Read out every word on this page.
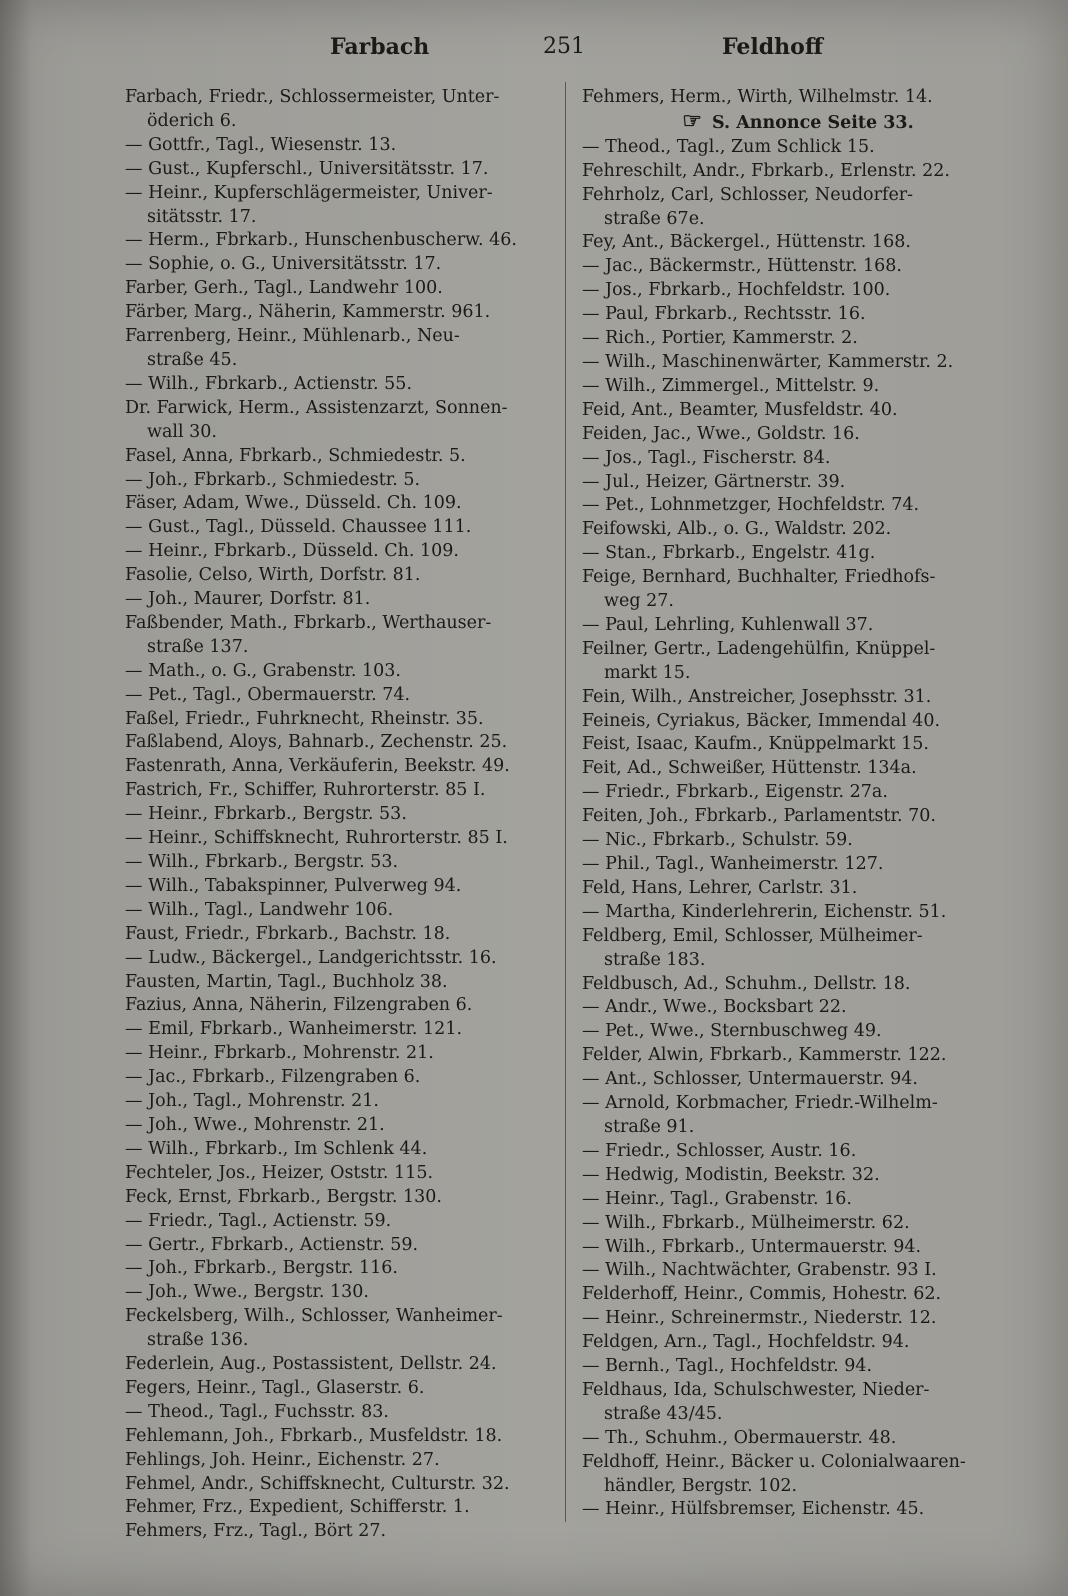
Farbach	251	Feldhoff

Farbach, Friedr., Schlossermeister, Unter-

öderich 6.

— Gottfr., Tagl., Wiesenstr. 13.

— Gust., Kupferschl., Universitätsstr. 17.

— Heinr., Kupferschlägermeister, Univer-

sitätsstr. 17.

— Herm., Fbrkarb., Hunschenbuscherw. 46.

— Sophie, o. G., Universitätsstr. 17.

Farber, Gerh., Tagl., Landwehr 100.

Färber, Marg., Näherin, Kammerstr. 961.

Farrenberg, Heinr., Mühlenarb., Neu-

straße 45.

— Wilh., Fbrkarb., Actienstr. 55.

Dr. Farwick, Herm., Assistenzarzt, Sonnen-

wall 30.

Fasel, Anna, Fbrkarb., Schmiedestr. 5.

— Joh., Fbrkarb., Schmiedestr. 5.

Fäser, Adam, Wwe., Düsseld. Ch. 109.

— Gust., Tagl., Düsseld. Chaussee 111.

— Heinr., Fbrkarb., Düsseld. Ch. 109.

Fasolie, Celso, Wirth, Dorfstr. 81.

— Joh., Maurer, Dorfstr. 81.

Faßbender, Math., Fbrkarb., Werthauser-

straße 137.

— Math., o. G., Grabenstr. 103.

— Pet., Tagl., Obermauerstr. 74.

Faßel, Friedr., Fuhrknecht, Rheinstr. 35.

Faßlabend, Aloys, Bahnarb., Zechenstr. 25.

Fastenrath, Anna, Verkäuferin, Beekstr. 49.

Fastrich, Fr., Schiffer, Ruhrorterstr. 85 I.

— Heinr., Fbrkarb., Bergstr. 53.

— Heinr., Schiffsknecht, Ruhrorterstr. 85 I.

— Wilh., Fbrkarb., Bergstr. 53.

— Wilh., Tabakspinner, Pulverweg 94.

— Wilh., Tagl., Landwehr 106.

Faust, Friedr., Fbrkarb., Bachstr. 18.

— Ludw., Bäckergel., Landgerichtsstr. 16.

Fausten, Martin, Tagl., Buchholz 38.

Fazius, Anna, Näherin, Filzengraben 6.

— Emil, Fbrkarb., Wanheimerstr. 121.

— Heinr., Fbrkarb., Mohrenstr. 21.

— Jac., Fbrkarb., Filzengraben 6.

— Joh., Tagl., Mohrenstr. 21.

— Joh., Wwe., Mohrenstr. 21.

— Wilh., Fbrkarb., Im Schlenk 44.

Fechteler, Jos., Heizer, Oststr. 115.

Feck, Ernst, Fbrkarb., Bergstr. 130.

— Friedr., Tagl., Actienstr. 59.

— Gertr., Fbrkarb., Actienstr. 59.

— Joh., Fbrkarb., Bergstr. 116.

— Joh., Wwe., Bergstr. 130.

Feckelsberg, Wilh., Schlosser, Wanheimer-

straße 136.

Federlein, Aug., Postassistent, Dellstr. 24.

Fegers, Heinr., Tagl., Glaserstr. 6.

— Theod., Tagl., Fuchsstr. 83.

Fehlemann, Joh., Fbrkarb., Musfeldstr. 18.

Fehlings, Joh. Heinr., Eichenstr. 27.

Fehmel, Andr., Schiffsknecht, Culturstr. 32.

Fehmer, Frz., Expedient, Schifferstr. 1.

Fehmers, Frz., Tagl., Bört 27.

Fehmers, Herm., Wirth, Wilhelmstr. 14.

☞ S. Annonce Seite 33.

— Theod., Tagl., Zum Schlick 15.

Fehreschilt, Andr., Fbrkarb., Erlenstr. 22.

Fehrholz, Carl, Schlosser, Neudorfer-

straße 67e.

Fey, Ant., Bäckergel., Hüttenstr. 168.

— Jac., Bäckermstr., Hüttenstr. 168.

— Jos., Fbrkarb., Hochfeldstr. 100.

— Paul, Fbrkarb., Rechtsstr. 16.

— Rich., Portier, Kammerstr. 2.

— Wilh., Maschinenwärter, Kammerstr. 2.

— Wilh., Zimmergel., Mittelstr. 9.

Feid, Ant., Beamter, Musfeldstr. 40.

Feiden, Jac., Wwe., Goldstr. 16.

— Jos., Tagl., Fischerstr. 84.

— Jul., Heizer, Gärtnerstr. 39.

— Pet., Lohnmetzger, Hochfeldstr. 74.

Feifowski, Alb., o. G., Waldstr. 202.

— Stan., Fbrkarb., Engelstr. 41g.

Feige, Bernhard, Buchhalter, Friedhofs-

weg 27.

— Paul, Lehrling, Kuhlenwall 37.

Feilner, Gertr., Ladengehülfin, Knüppel-

markt 15.

Fein, Wilh., Anstreicher, Josephsstr. 31.

Feineis, Cyriakus, Bäcker, Immendal 40.

Feist, Isaac, Kaufm., Knüppelmarkt 15.

Feit, Ad., Schweißer, Hüttenstr. 134a.

— Friedr., Fbrkarb., Eigenstr. 27a.

Feiten, Joh., Fbrkarb., Parlamentstr. 70.

— Nic., Fbrkarb., Schulstr. 59.

— Phil., Tagl., Wanheimerstr. 127.

Feld, Hans, Lehrer, Carlstr. 31.

— Martha, Kinderlehrerin, Eichenstr. 51.

Feldberg, Emil, Schlosser, Mülheimer-

straße 183.

Feldbusch, Ad., Schuhm., Dellstr. 18.

— Andr., Wwe., Bocksbart 22.

— Pet., Wwe., Sternbuschweg 49.

Felder, Alwin, Fbrkarb., Kammerstr. 122.

— Ant., Schlosser, Untermauerstr. 94.

— Arnold, Korbmacher, Friedr.-Wilhelm-

straße 91.

— Friedr., Schlosser, Austr. 16.

— Hedwig, Modistin, Beekstr. 32.

— Heinr., Tagl., Grabenstr. 16.

— Wilh., Fbrkarb., Mülheimerstr. 62.

— Wilh., Fbrkarb., Untermauerstr. 94.

— Wilh., Nachtwächter, Grabenstr. 93 I.

Felderhoff, Heinr., Commis, Hohestr. 62.

— Heinr., Schreinermstr., Niederstr. 12.

Feldgen, Arn., Tagl., Hochfeldstr. 94.

— Bernh., Tagl., Hochfeldstr. 94.

Feldhaus, Ida, Schulschwester, Nieder-

straße 43/45.

— Th., Schuhm., Obermauerstr. 48.

Feldhoff, Heinr., Bäcker u. Colonialwaaren-

händler, Bergstr. 102.

— Heinr., Hülfsbremser, Eichenstr. 45.
